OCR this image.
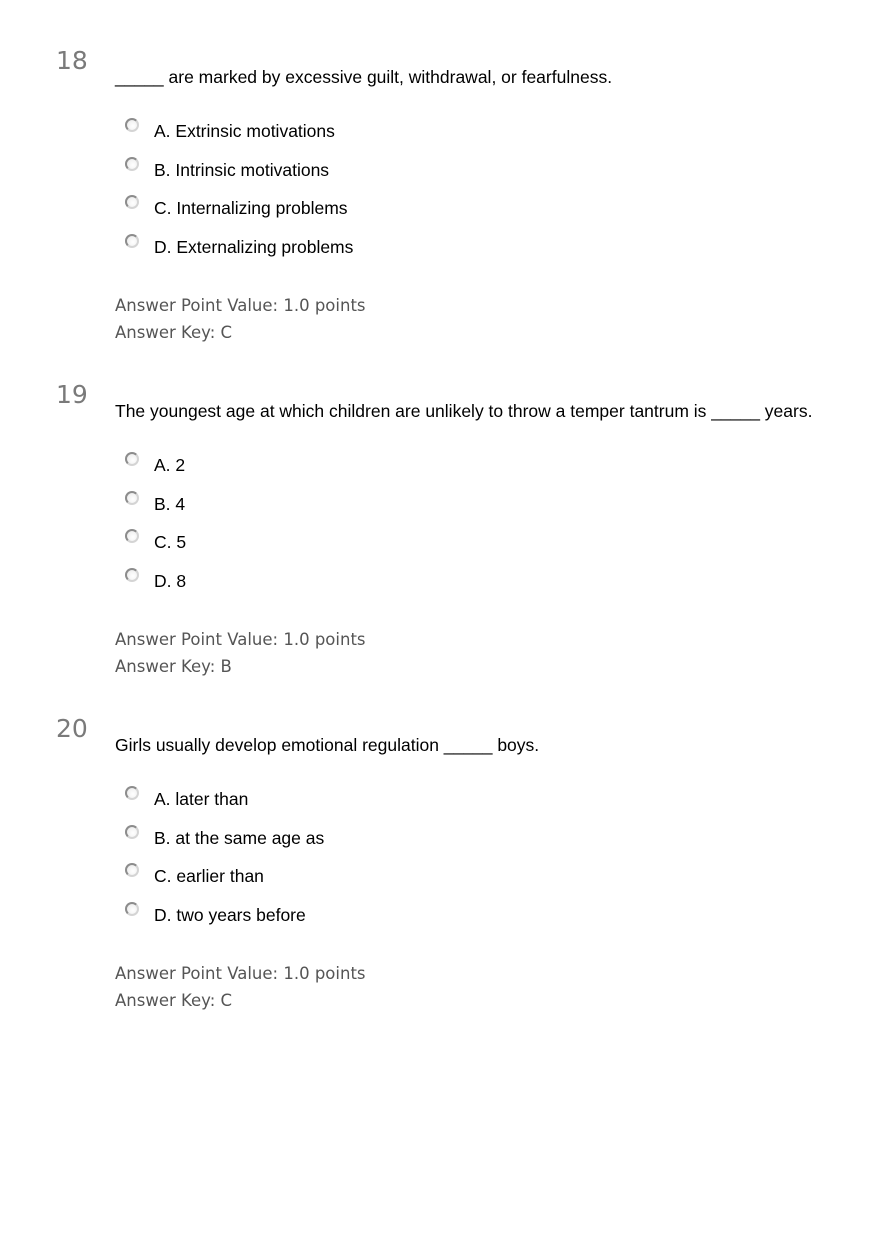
18
_____ are marked by excessive guilt, withdrawal, or fearfulness.
A. Extrinsic motivations
B. Intrinsic motivations
C. Internalizing problems
D. Externalizing problems
Answer Point Value: 1.0 points
Answer Key: C
19
The youngest age at which children are unlikely to throw a temper tantrum is _____ years.
A. 2
B. 4
C. 5
D. 8
Answer Point Value: 1.0 points
Answer Key: B
20
Girls usually develop emotional regulation _____ boys.
A. later than
B. at the same age as
C. earlier than
D. two years before
Answer Point Value: 1.0 points
Answer Key: C
